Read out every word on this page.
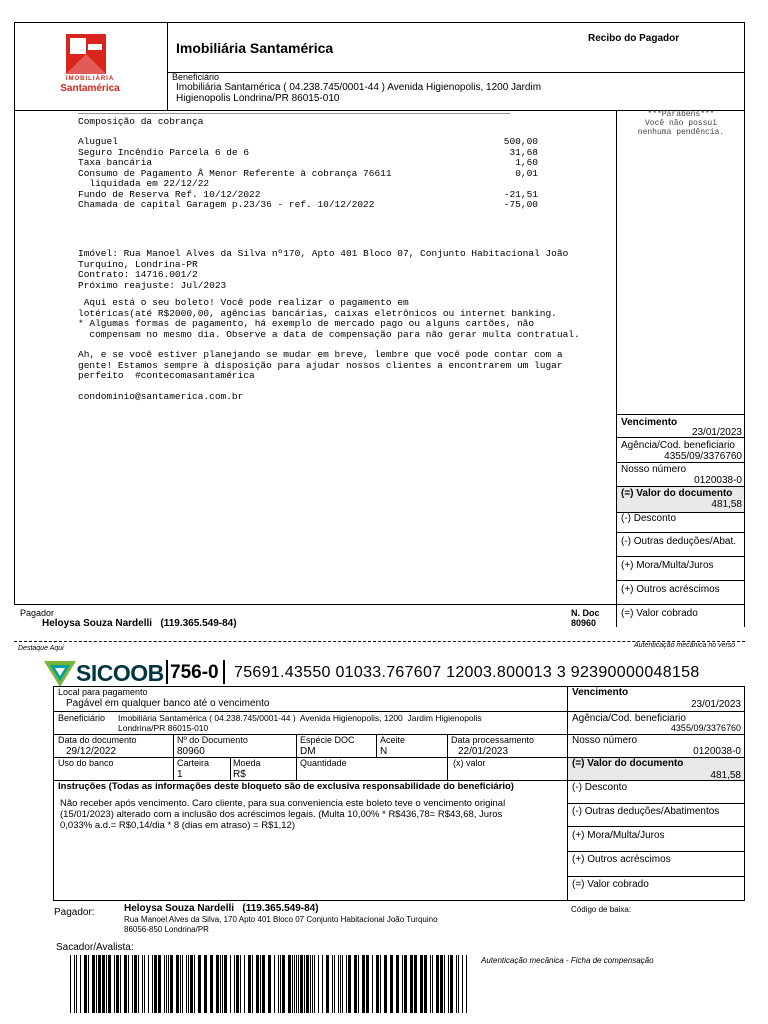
IMOBILIÁRIA
Santamérica
Imobiliária Santamérica
Recibo do Pagador
Beneficiário
Imobiliária Santamérica ( 04.238.745/0001-44 ) Avenida Higienopolis, 1200 Jardim
Higienopolis Londrina/PR 86015-010
________________________________________________________________________________
Composição da cobrança
Aluguel	500,00
Seguro Incêndio Parcela 6 de 6	31,68
Taxa bancária	1,60
Consumo de Pagamento Å Menor Referente à cobrança 76611	0,01
liquidada em 22/12/22
Fundo de Reserva Ref. 10/12/2022	-21,51
Chamada de capital Garagem p.23/36 - ref. 10/12/2022	-75,00
Imóvel: Rua Manoel Alves da Silva nº170, Apto 401 Bloco 07, Conjunto Habitacional João
Turquino, Londrina-PR
Contrato: 14716.001/2
Próximo reajuste: Jul/2023
Aqui está o seu boleto! Você pode realizar o pagamento em
lotéricas(até R$2000,00, agências bancárias, caixas eletrônicos ou internet banking.
* Algumas formas de pagamento, há exemplo de mercado pago ou alguns cartões, não
compensam no mesmo dia. Observe a data de compensação para não gerar multa contratual.
Ah, e se você estiver planejando se mudar em breve, lembre que você pode contar com a
gente! Estamos sempre à disposição para ajudar nossos clientes a encontrarem um lugar
perfeito  #contecomasantamérica
condominio@santamerica.com.br
***Parabéns***
Você não possui
nenhuma pendência.
Vencimento
23/01/2023
Agência/Cod. beneficiario
4355/09/3376760
Nosso número
0120038-0
(=) Valor do documento
481,58
(-) Desconto
(-) Outras deduções/Abat.
(+) Mora/Multa/Juros
(+) Outros acréscimos
(=) Valor cobrado
Pagador
Heloysa Souza Nardelli   (119.365.549-84)
N. Doc
80960
Destaque Aqui	Autenticação mecânica no verso
SICOOB 756-0 75691.43550 01033.767607 12003.800013 3 92390000048158
Local para pagamento
Pagável em qualquer banco até o vencimento
Beneficiário Imobiliária Santamérica ( 04.238.745/0001-44 )  Avenida Higienopolis, 1200  Jardim Higienopolis
Londrina/PR 86015-010
Data do documento
29/12/2022
Nº do Documento
80960
Espécie DOC
DM
Aceite
N
Data processamento
22/01/2023
Uso do banco	Carteira
1
Moeda
R$
Quantidade	(x) valor
Instruções (Todas as informações deste bloqueto são de exclusiva responsabilidade do beneficiário)
Não receber após vencimento. Caro cliente, para sua conveniencia este boleto teve o vencimento original
(15/01/2023) alterado com a inclusão dos acréscimos legais. (Multa 10,00% * R$436,78= R$43,68, Juros
0,033% a.d.= R$0,14/dia * 8 (dias em atraso) = R$1,12)
Vencimento
23/01/2023
Agência/Cod. beneficiario
4355/09/3376760
Nosso número
0120038-0
(=) Valor do documento
481,58
(-) Desconto
(-) Outras deduções/Abatimentos
(+) Mora/Multa/Juros
(+) Outros acréscimos
(=) Valor cobrado
Pagador:	Heloysa Souza Nardelli   (119.365.549-84)
Rua Manoel Alves da Silva, 170 Apto 401 Bloco 07 Conjunto Habitacional João Turquino
86056-850 Londrina/PR
Código de baixa:
Sacador/Avalista:
Autenticação mecânica - Ficha de compensação
